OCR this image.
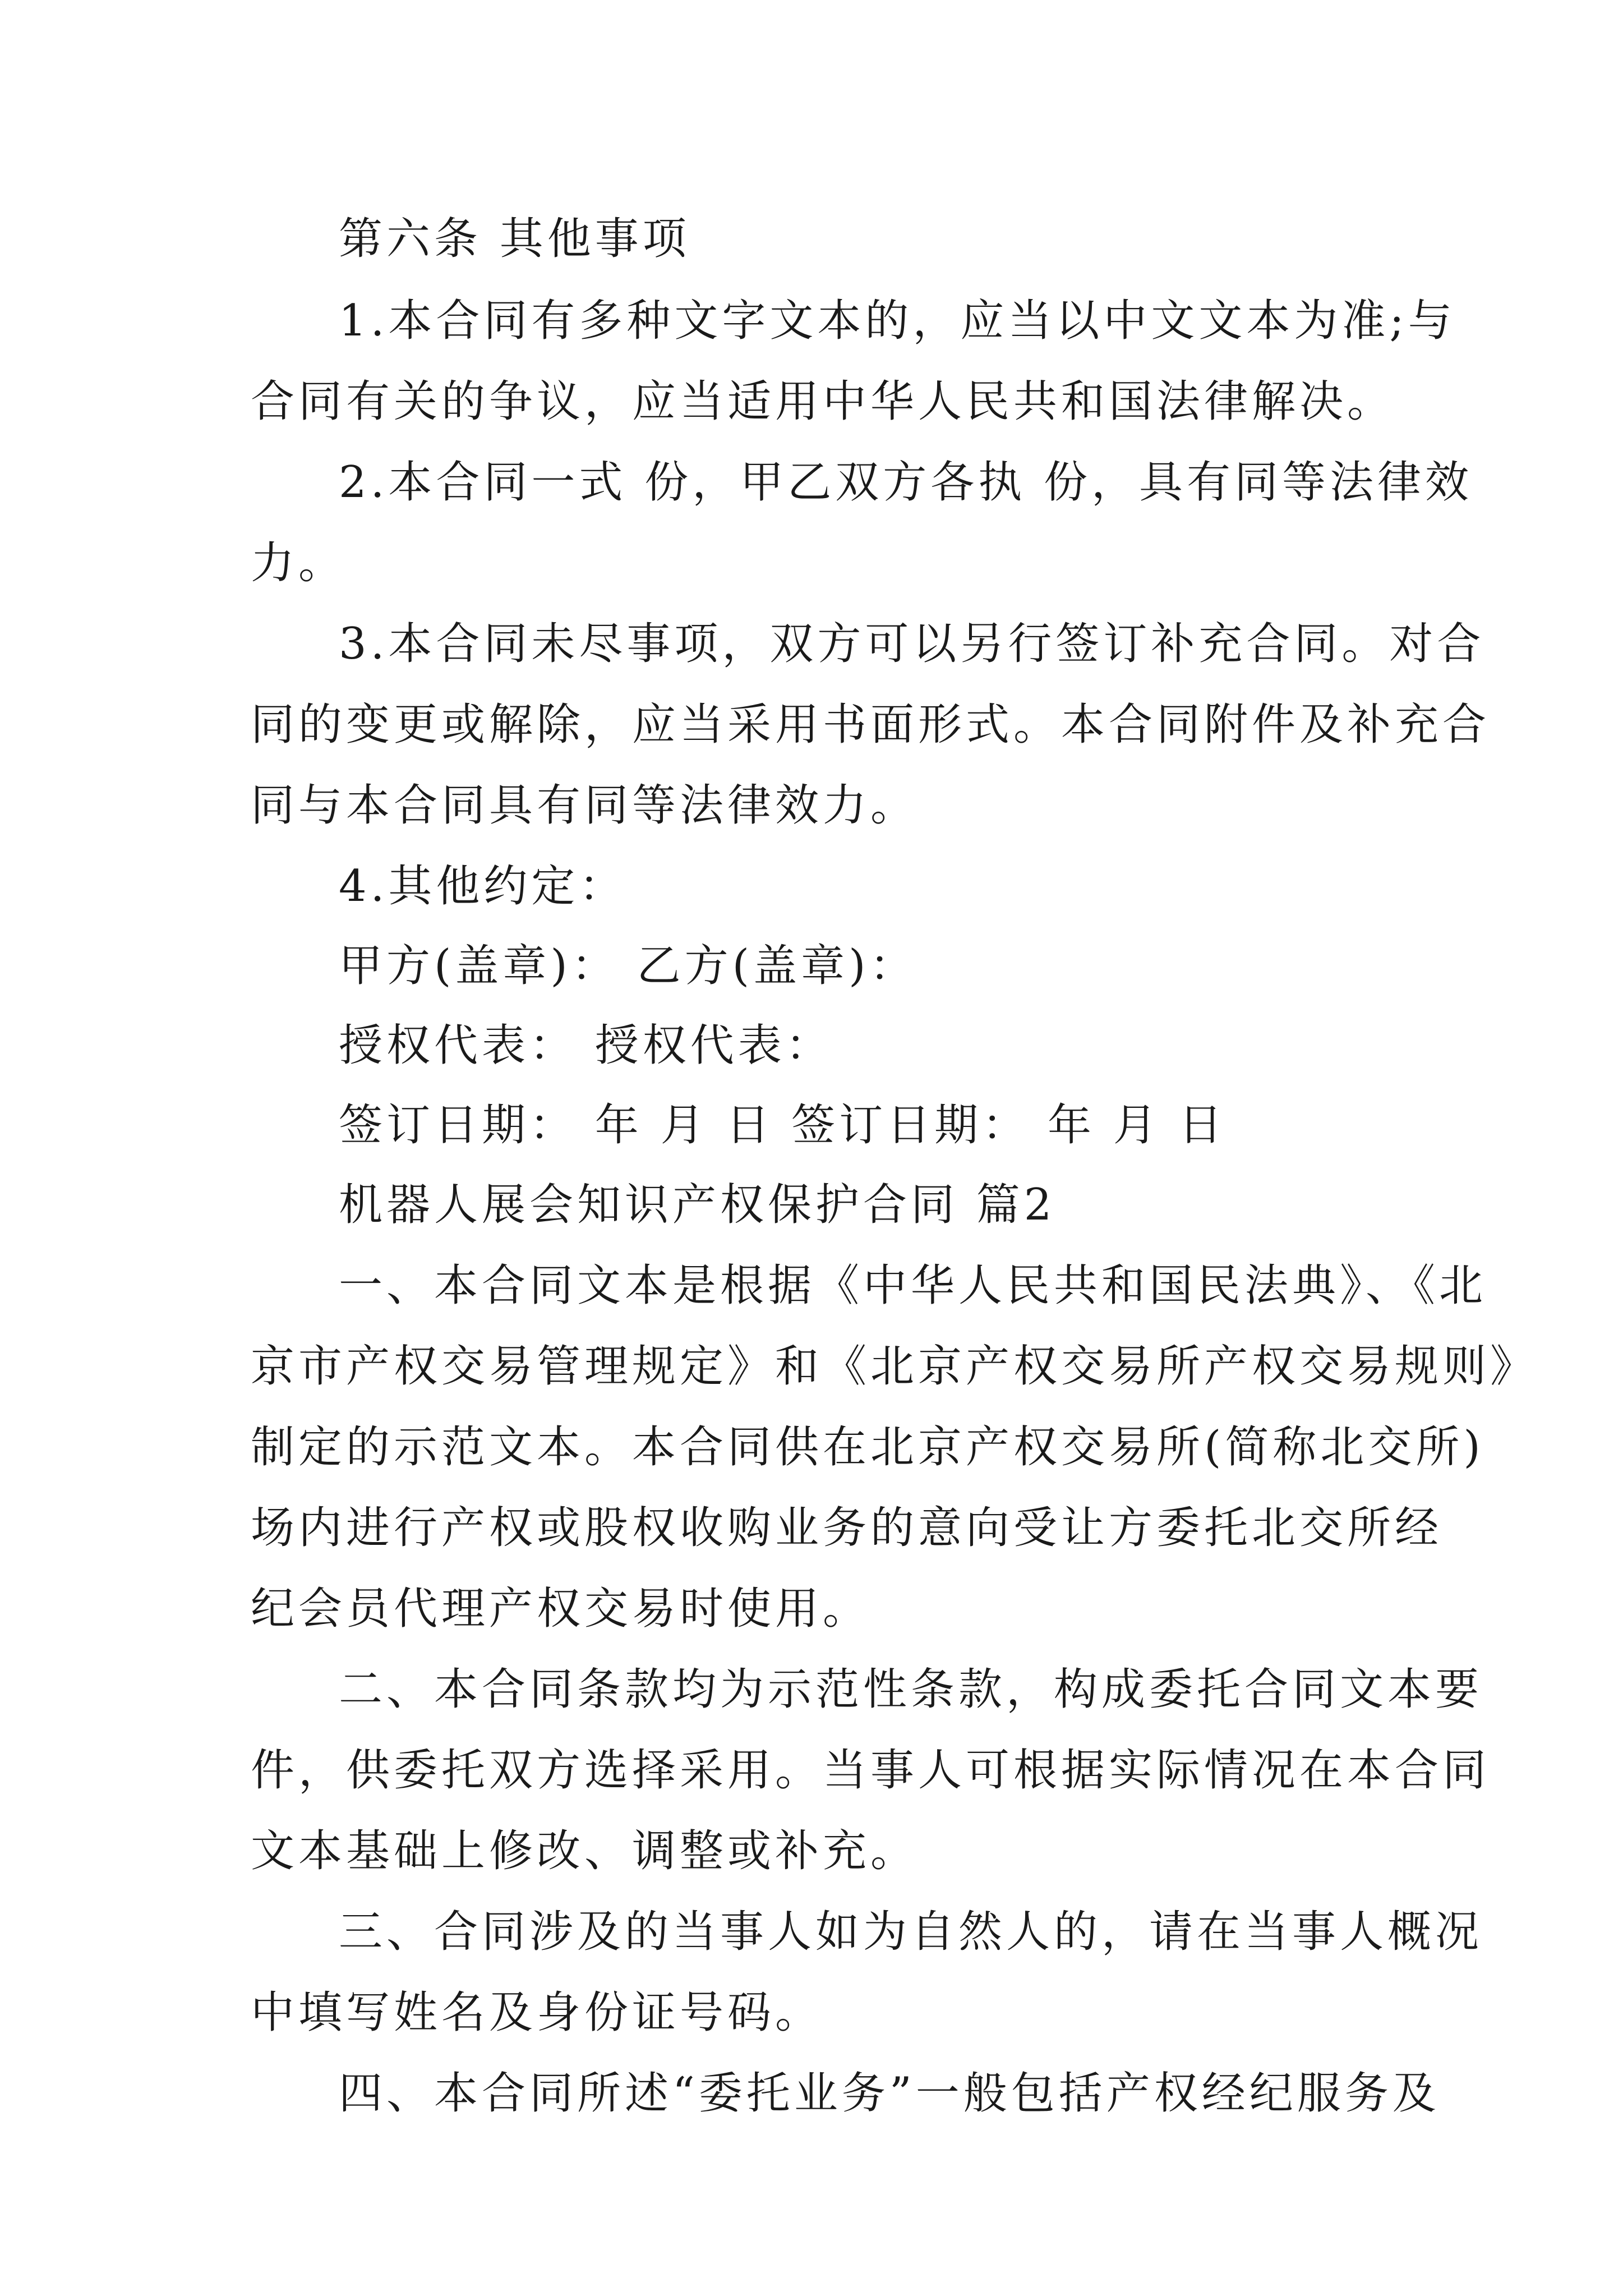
第六条 其他事项
1.本合同有多种文字文本的，应当以中文文本为准;与
合同有关的争议，应当适用中华人民共和国法律解决。
2.本合同一式 份，甲乙双方各执 份，具有同等法律效
力。
3.本合同未尽事项，双方可以另行签订补充合同。对合
同的变更或解除，应当采用书面形式。本合同附件及补充合
同与本合同具有同等法律效力。
4.其他约定：
甲方(盖章)： 乙方(盖章)：
授权代表： 授权代表：
签订日期： 年 月 日 签订日期： 年 月 日
机器人展会知识产权保护合同 篇2
一、本合同文本是根据《中华人民共和国民法典》、《北
京市产权交易管理规定》和《北京产权交易所产权交易规则》
制定的示范文本。本合同供在北京产权交易所(简称北交所)
场内进行产权或股权收购业务的意向受让方委托北交所经
纪会员代理产权交易时使用。
二、本合同条款均为示范性条款，构成委托合同文本要
件，供委托双方选择采用。当事人可根据实际情况在本合同
文本基础上修改、调整或补充。
三、合同涉及的当事人如为自然人的，请在当事人概况
中填写姓名及身份证号码。
四、本合同所述“委托业务”一般包括产权经纪服务及
